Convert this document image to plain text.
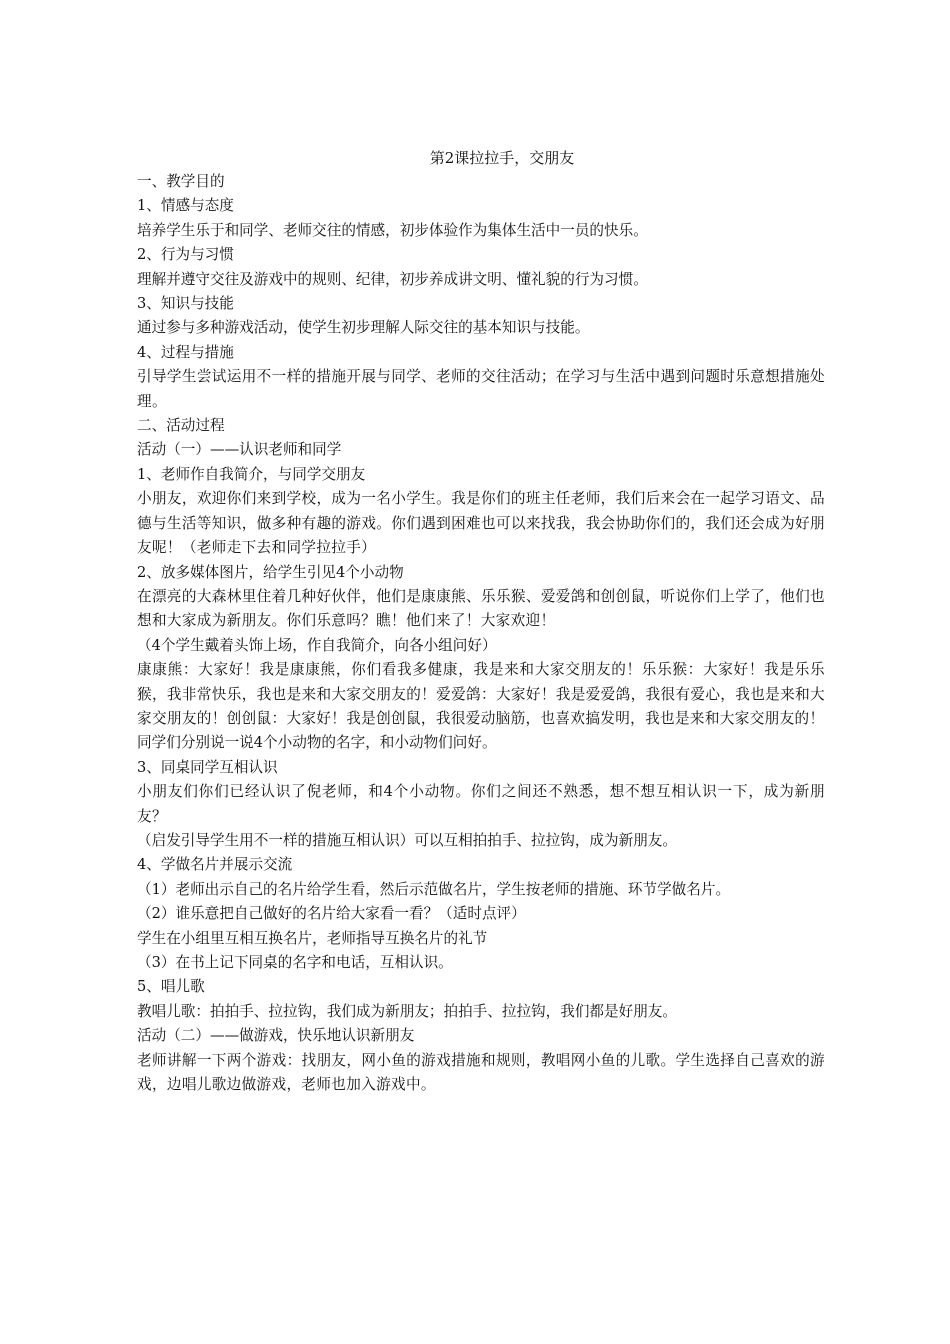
第2课拉拉手，交朋友
一、教学目的
1、情感与态度
培养学生乐于和同学、老师交往的情感，初步体验作为集体生活中一员的快乐。
2、行为与习惯
理解并遵守交往及游戏中的规则、纪律，初步养成讲文明、懂礼貌的行为习惯。
3、知识与技能
通过参与多种游戏活动，使学生初步理解人际交往的基本知识与技能。
4、过程与措施
引导学生尝试运用不一样的措施开展与同学、老师的交往活动；在学习与生活中遇到问题时乐意想措施处理。
二、活动过程
活动（一）——认识老师和同学
1、老师作自我简介，与同学交朋友
小朋友，欢迎你们来到学校，成为一名小学生。我是你们的班主任老师，我们后来会在一起学习语文、品德与生活等知识，做多种有趣的游戏。你们遇到困难也可以来找我，我会协助你们的，我们还会成为好朋友呢！（老师走下去和同学拉拉手）
2、放多媒体图片，给学生引见4个小动物
在漂亮的大森林里住着几种好伙伴，他们是康康熊、乐乐猴、爱爱鸽和创创鼠，听说你们上学了，他们也想和大家成为新朋友。你们乐意吗？瞧！他们来了！大家欢迎！
（4个学生戴着头饰上场，作自我简介，向各小组问好）
康康熊：大家好！我是康康熊，你们看我多健康，我是来和大家交朋友的！乐乐猴：大家好！我是乐乐猴，我非常快乐，我也是来和大家交朋友的！爱爱鸽：大家好！我是爱爱鸽，我很有爱心，我也是来和大家交朋友的！创创鼠：大家好！我是创创鼠，我很爱动脑筋，也喜欢搞发明，我也是来和大家交朋友的！
同学们分别说一说4个小动物的名字，和小动物们问好。
3、同桌同学互相认识
小朋友们你们已经认识了倪老师，和4个小动物。你们之间还不熟悉，想不想互相认识一下，成为新朋友？
（启发引导学生用不一样的措施互相认识）可以互相拍拍手、拉拉钩，成为新朋友。
4、学做名片并展示交流
（1）老师出示自己的名片给学生看，然后示范做名片，学生按老师的措施、环节学做名片。
（2）谁乐意把自己做好的名片给大家看一看？（适时点评）
学生在小组里互相互换名片，老师指导互换名片的礼节
（3）在书上记下同桌的名字和电话，互相认识。
5、唱儿歌
教唱儿歌：拍拍手、拉拉钩，我们成为新朋友；拍拍手、拉拉钩，我们都是好朋友。
活动（二）——做游戏，快乐地认识新朋友
老师讲解一下两个游戏：找朋友，网小鱼的游戏措施和规则，教唱网小鱼的儿歌。学生选择自己喜欢的游戏，边唱儿歌边做游戏，老师也加入游戏中。
